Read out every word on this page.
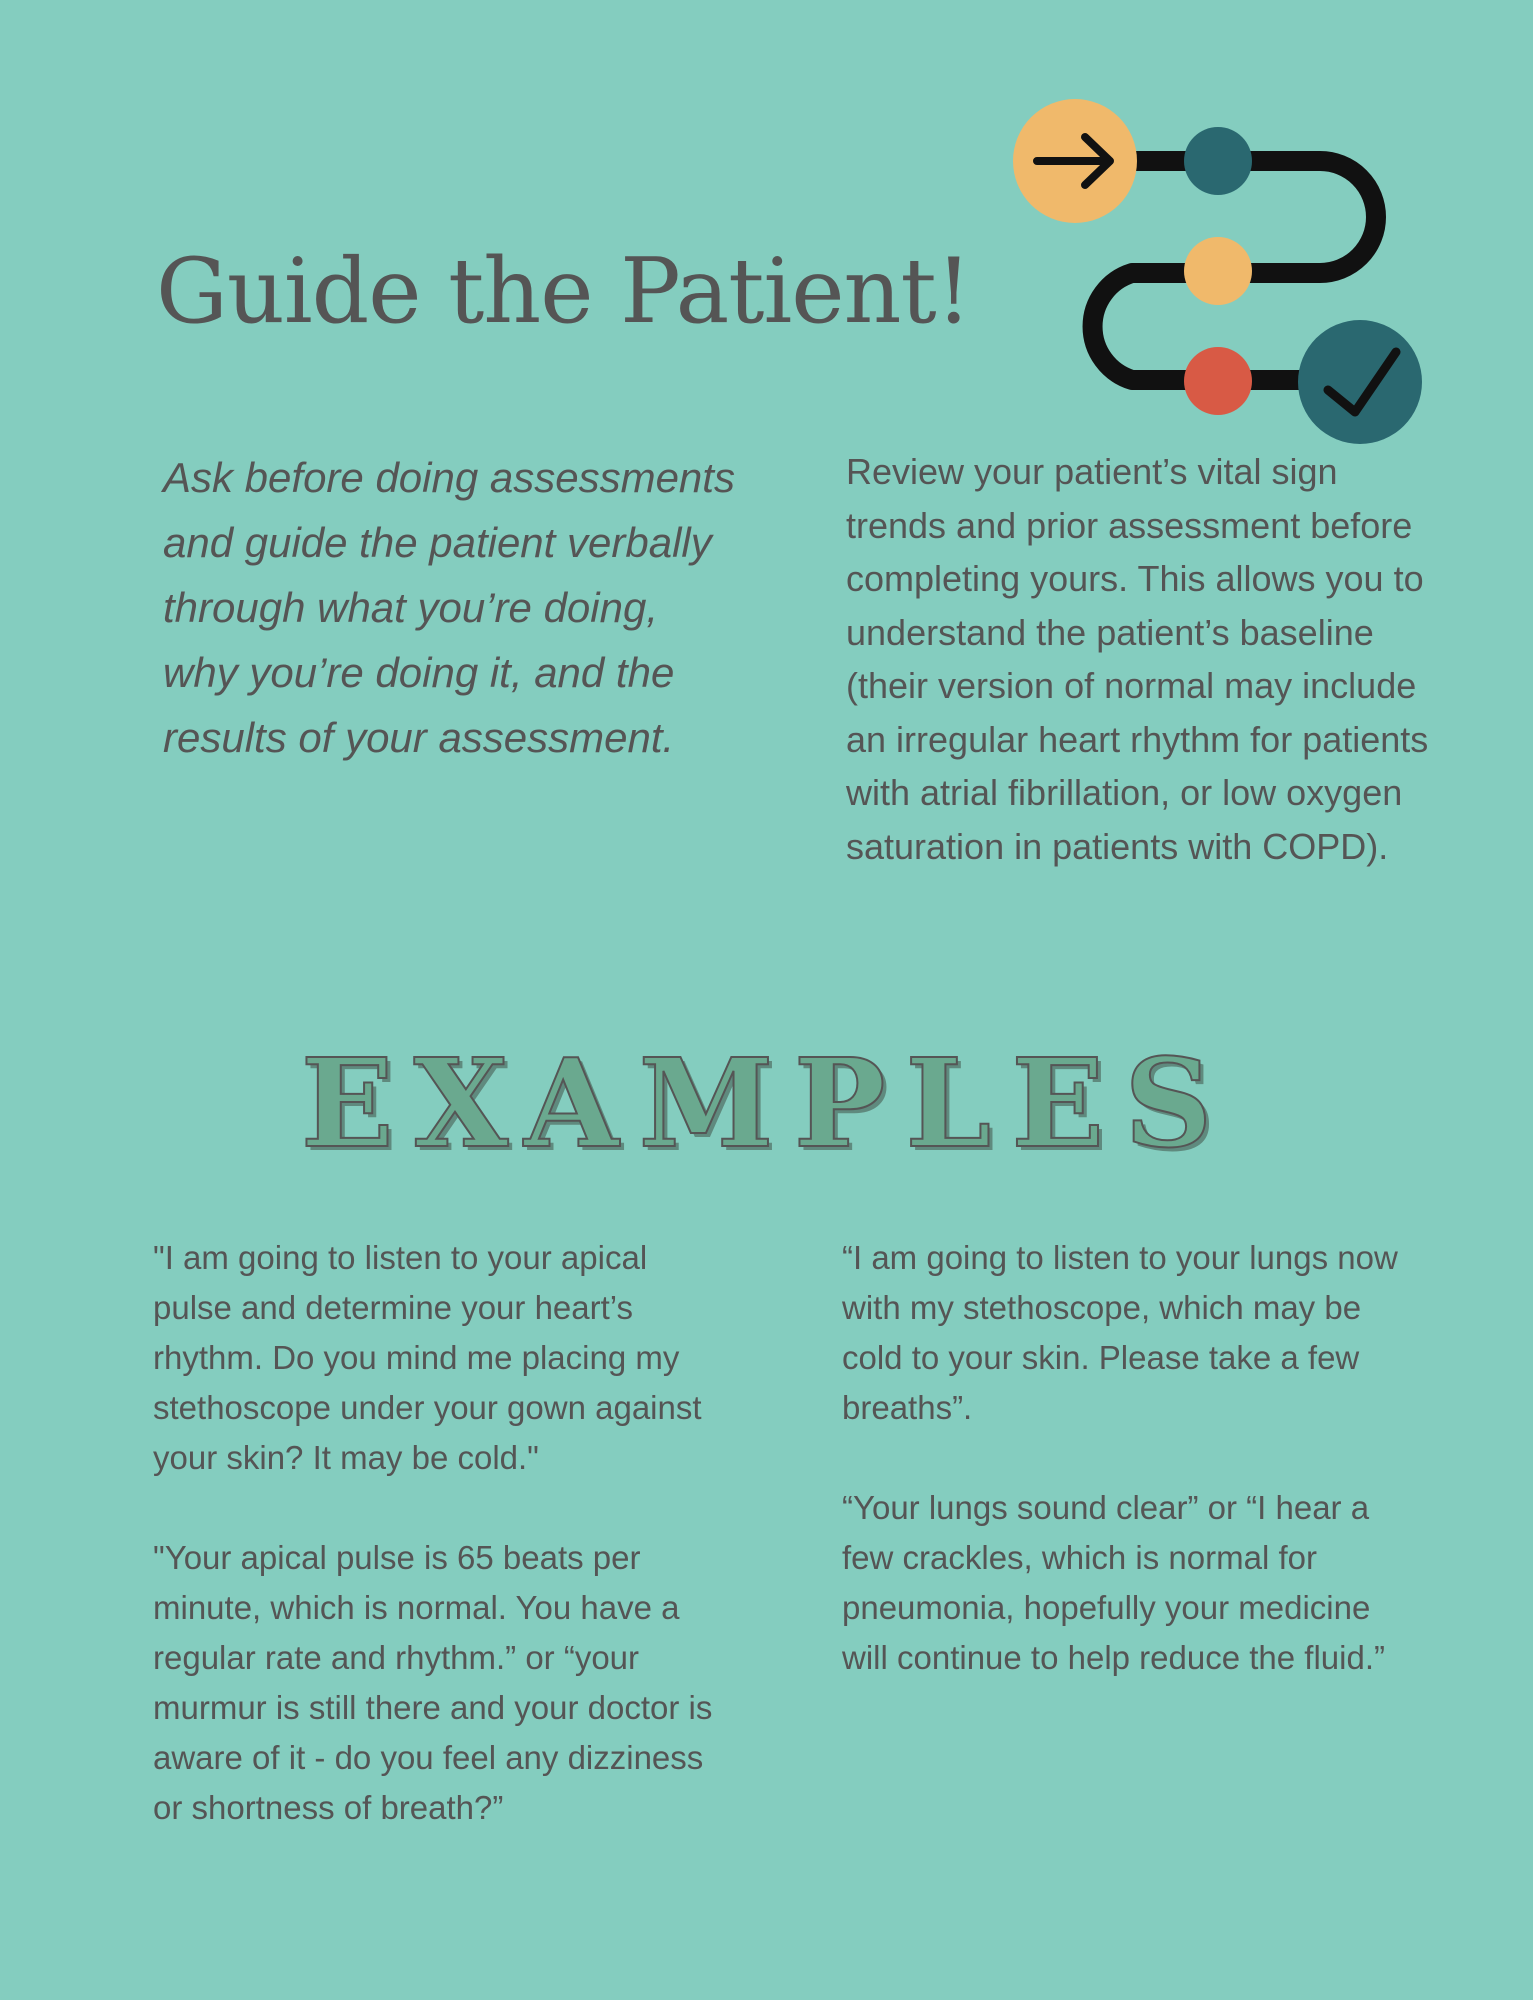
Guide the Patient!

Ask before doing assessments and guide the patient verbally through what you’re doing, why you’re doing it, and the results of your assessment.

Review your patient’s vital sign trends and prior assessment before completing yours. This allows you to understand the patient’s baseline (their version of normal may include an irregular heart rhythm for patients with atrial fibrillation, or low oxygen saturation in patients with COPD).

EXAMPLES

"I am going to listen to your apical pulse and determine your heart’s rhythm. Do you mind me placing my stethoscope under your gown against your skin? It may be cold."

"Your apical pulse is 65 beats per minute, which is normal. You have a regular rate and rhythm.” or “your murmur is still there and your doctor is aware of it - do you feel any dizziness or shortness of breath?”

“I am going to listen to your lungs now with my stethoscope, which may be cold to your skin. Please take a few breaths”.

“Your lungs sound clear” or “I hear a few crackles, which is normal for pneumonia, hopefully your medicine will continue to help reduce the fluid.”
